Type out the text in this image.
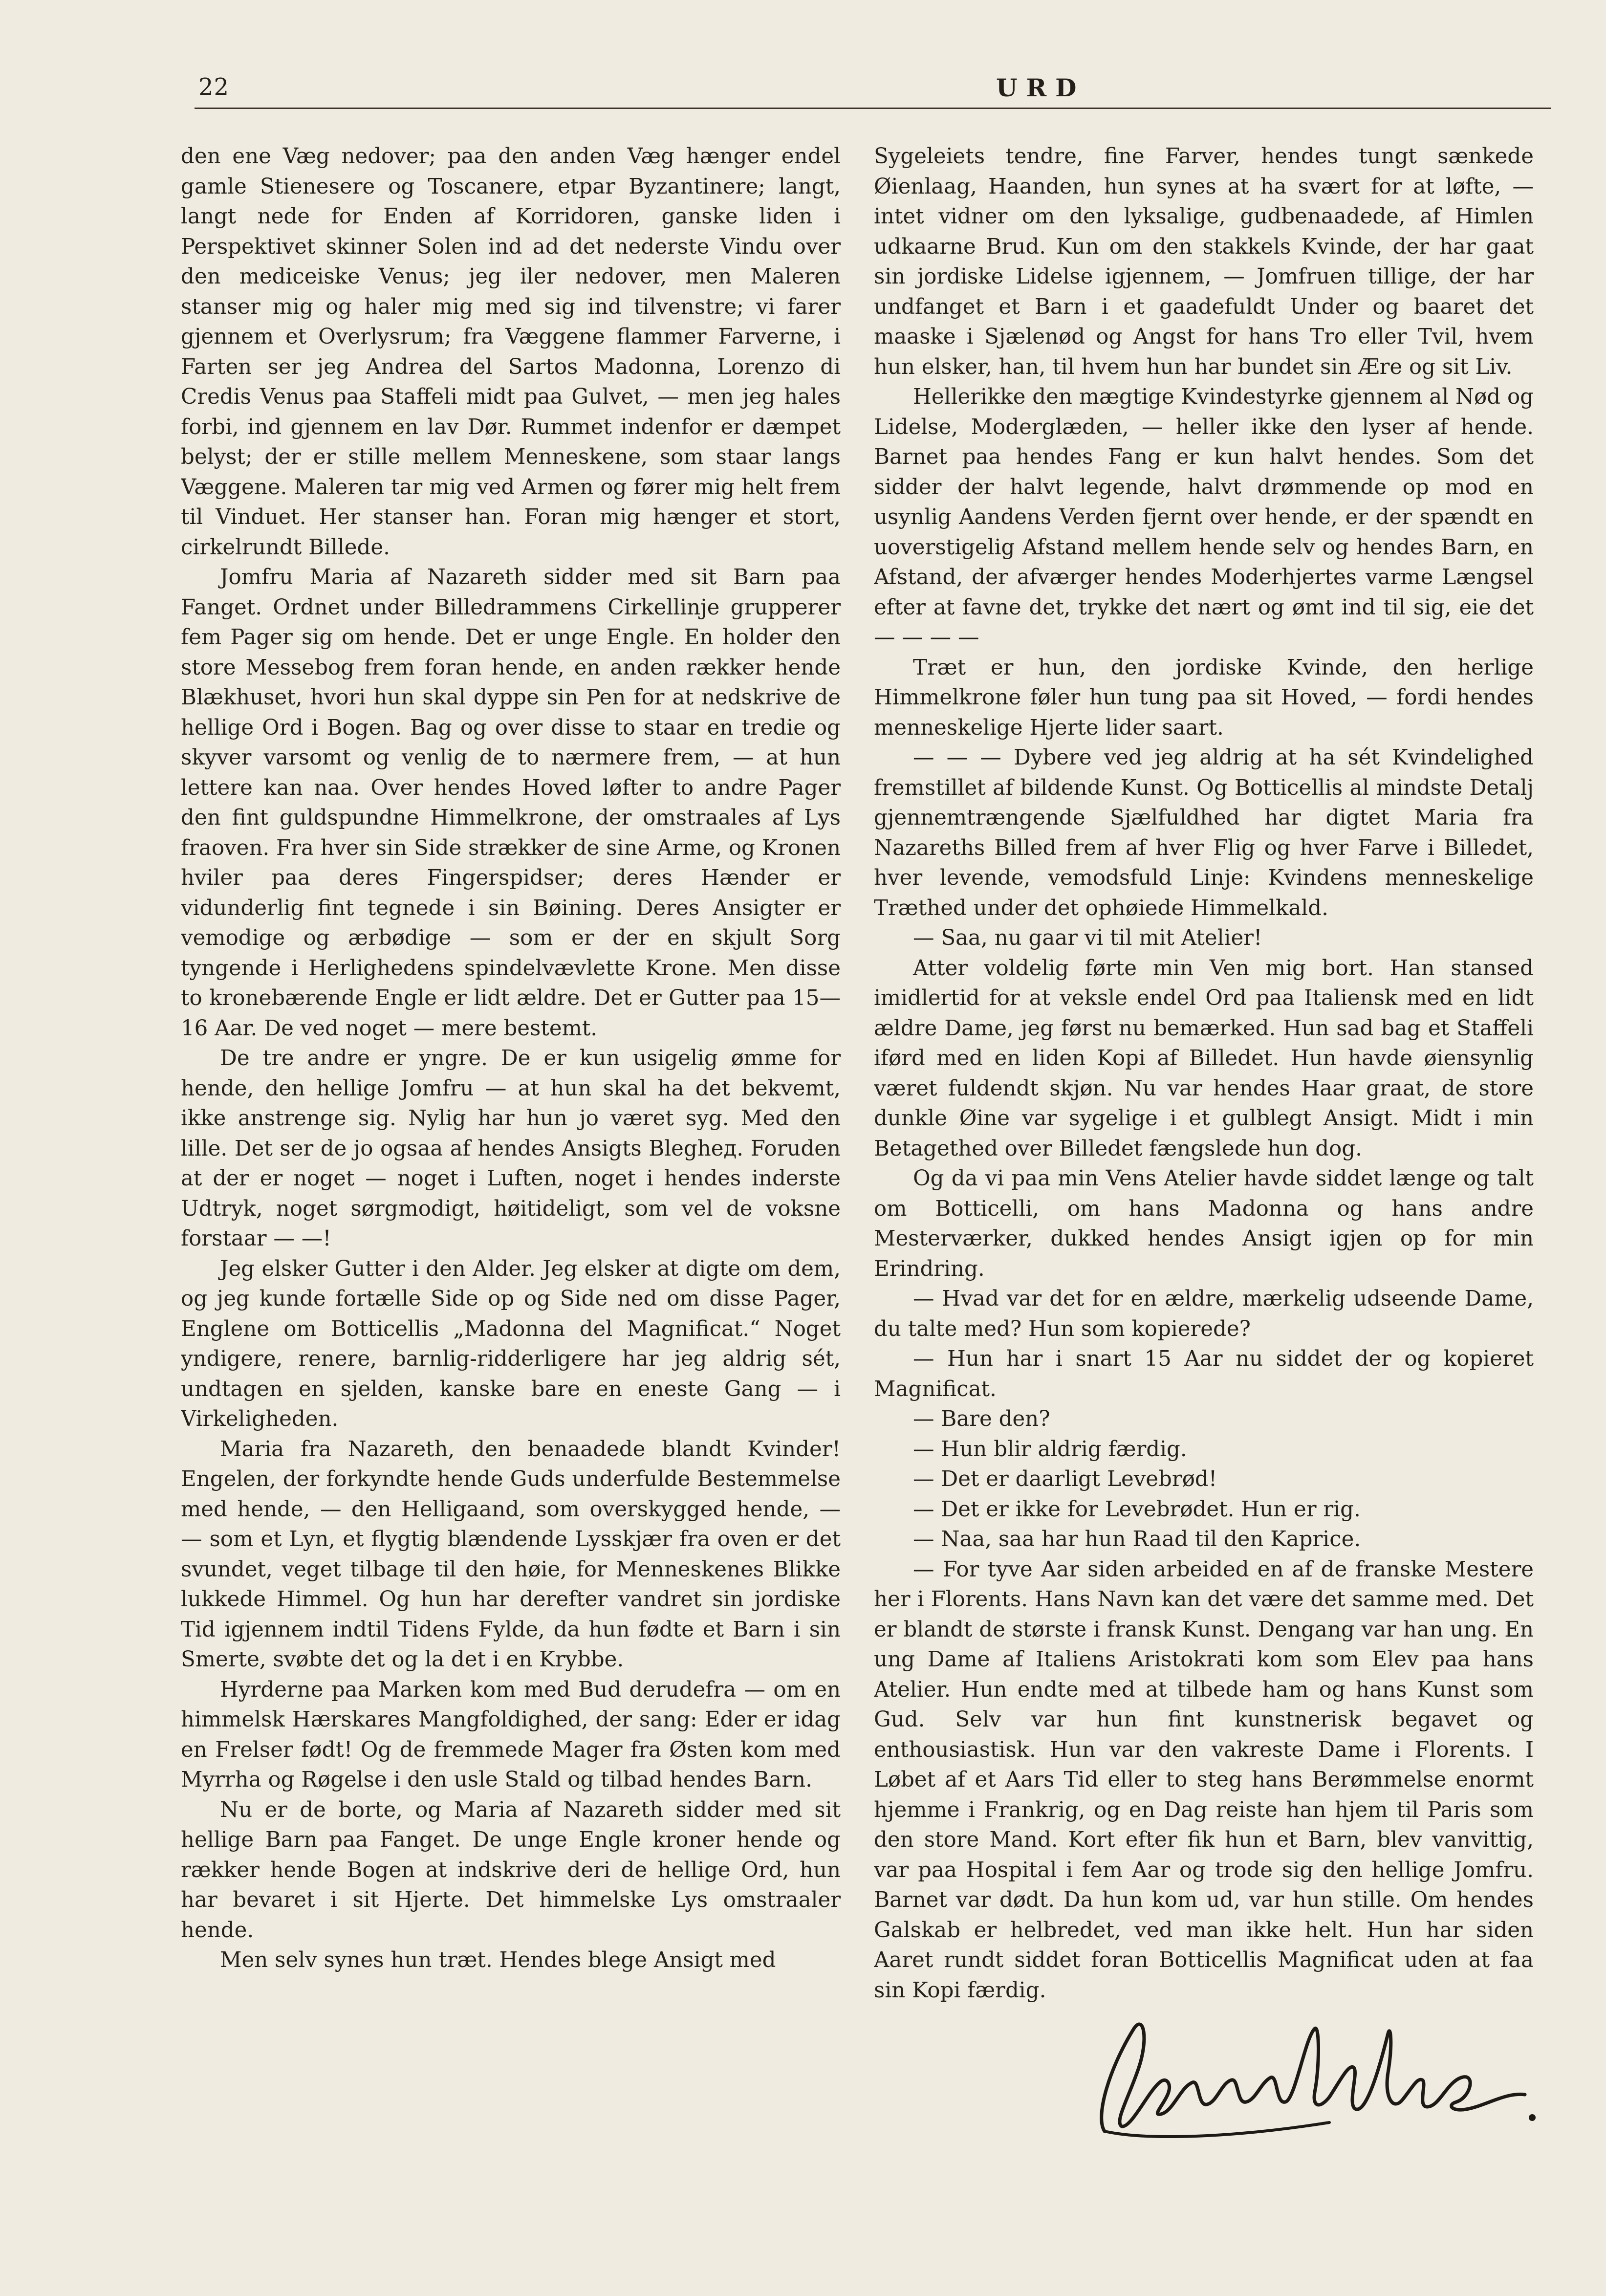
22	URD

den ene Væg nedover; paa den anden Væg hænger endel gamle Stienesere og Toscanere, etpar Byzantinere; langt, langt nede for Enden af Korridoren, ganske liden i Perspektivet skinner Solen ind ad det nederste Vindu over den mediceiske Venus; jeg iler nedover, men Maleren stanser mig og haler mig med sig ind tilvenstre; vi farer gjennem et Overlysrum; fra Væggene flammer Farverne, i Farten ser jeg Andrea del Sartos Madonna, Lorenzo di Credis Venus paa Staffeli midt paa Gulvet, — men jeg hales forbi, ind gjennem en lav Dør. Rummet indenfor er dæmpet belyst; der er stille mellem Menneskene, som staar langs Væggene. Maleren tar mig ved Armen og fører mig helt frem til Vinduet. Her stanser han. Foran mig hænger et stort, cirkelrundt Billede.

Jomfru Maria af Nazareth sidder med sit Barn paa Fanget. Ordnet under Billedrammens Cirkellinje grupperer fem Pager sig om hende. Det er unge Engle. En holder den store Messebog frem foran hende, en anden rækker hende Blækhuset, hvori hun skal dyppe sin Pen for at nedskrive de hellige Ord i Bogen. Bag og over disse to staar en tredie og skyver varsomt og venlig de to nærmere frem, — at hun lettere kan naa. Over hendes Hoved løfter to andre Pager den fint guldspundne Himmelkrone, der omstraales af Lys fraoven. Fra hver sin Side strækker de sine Arme, og Kronen hviler paa deres Fingerspidser; deres Hænder er vidunderlig fint tegnede i sin Bøining. Deres Ansigter er vemodige og ærbødige — som er der en skjult Sorg tyngende i Herlighedens spindelvævlette Krone. Men disse to kronebærende Engle er lidt ældre. Det er Gutter paa 15—16 Aar. De ved noget — mere bestemt.

De tre andre er yngre. De er kun usigelig ømme for hende, den hellige Jomfru — at hun skal ha det bekvemt, ikke anstrenge sig. Nylig har hun jo været syg. Med den lille. Det ser de jo ogsaa af hendes Ansigts Blegheд. Foruden at der er noget — noget i Luften, noget i hendes inderste Udtryk, noget sørgmodigt, høitideligt, som vel de voksne forstaar — —!

Jeg elsker Gutter i den Alder. Jeg elsker at digte om dem, og jeg kunde fortælle Side op og Side ned om disse Pager, Englene om Botticellis „Madonna del Magnificat.“ Noget yndigere, renere, barnlig-ridderligere har jeg aldrig sét, undtagen en sjelden, kanske bare en eneste Gang — i Virkeligheden.

Maria fra Nazareth, den benaadede blandt Kvinder! Engelen, der forkyndte hende Guds underfulde Bestemmelse med hende, — den Helligaand, som overskygged hende, — — som et Lyn, et flygtig blændende Lysskjær fra oven er det svundet, veget tilbage til den høie, for Menneskenes Blikke lukkede Himmel. Og hun har derefter vandret sin jordiske Tid igjennem indtil Tidens Fylde, da hun fødte et Barn i sin Smerte, svøbte det og la det i en Krybbe.

Hyrderne paa Marken kom med Bud derudefra — om en himmelsk Hærskares Mangfoldighed, der sang: Eder er idag en Frelser født! Og de fremmede Mager fra Østen kom med Myrrha og Røgelse i den usle Stald og tilbad hendes Barn.

Nu er de borte, og Maria af Nazareth sidder med sit hellige Barn paa Fanget. De unge Engle kroner hende og rækker hende Bogen at indskrive deri de hellige Ord, hun har bevaret i sit Hjerte. Det himmelske Lys omstraaler hende.

Men selv synes hun træt. Hendes blege Ansigt med

Sygeleiets tendre, fine Farver, hendes tungt sænkede Øienlaag, Haanden, hun synes at ha svært for at løfte, — intet vidner om den lyksalige, gudbenaadede, af Himlen udkaarne Brud. Kun om den stakkels Kvinde, der har gaat sin jordiske Lidelse igjennem, — Jomfruen tillige, der har undfanget et Barn i et gaadefuldt Under og baaret det maaske i Sjælenød og Angst for hans Tro eller Tvil, hvem hun elsker, han, til hvem hun har bundet sin Ære og sit Liv.

Hellerikke den mægtige Kvindestyrke gjennem al Nød og Lidelse, Moderglæden, — heller ikke den lyser af hende. Barnet paa hendes Fang er kun halvt hendes. Som det sidder der halvt legende, halvt drømmende op mod en usynlig Aandens Verden fjernt over hende, er der spændt en uoverstigelig Afstand mellem hende selv og hendes Barn, en Afstand, der afværger hendes Moderhjertes varme Længsel efter at favne det, trykke det nært og ømt ind til sig, eie det — — — —

Træt er hun, den jordiske Kvinde, den herlige Himmelkrone føler hun tung paa sit Hoved, — fordi hendes menneskelige Hjerte lider saart.

— — — Dybere ved jeg aldrig at ha sét Kvindelighed fremstillet af bildende Kunst. Og Botticellis al mindste Detalj gjennemtrængende Sjælfuldhed har digtet Maria fra Nazareths Billed frem af hver Flig og hver Farve i Billedet, hver levende, vemodsfuld Linje: Kvindens menneskelige Træthed under det ophøiede Himmelkald.

— Saa, nu gaar vi til mit Atelier!

Atter voldelig førte min Ven mig bort. Han stansed imidlertid for at veksle endel Ord paa Italiensk med en lidt ældre Dame, jeg først nu bemærked. Hun sad bag et Staffeli iførd med en liden Kopi af Billedet. Hun havde øiensynlig været fuldendt skjøn. Nu var hendes Haar graat, de store dunkle Øine var sygelige i et gulblegt Ansigt. Midt i min Betagethed over Billedet fængslede hun dog.

Og da vi paa min Vens Atelier havde siddet længe og talt om Botticelli, om hans Madonna og hans andre Mesterværker, dukked hendes Ansigt igjen op for min Erindring.

— Hvad var det for en ældre, mærkelig udseende Dame, du talte med? Hun som kopierede?

— Hun har i snart 15 Aar nu siddet der og kopieret Magnificat.

— Bare den?

— Hun blir aldrig færdig.

— Det er daarligt Levebrød!

— Det er ikke for Levebrødet. Hun er rig.

— Naa, saa har hun Raad til den Kaprice.

— For tyve Aar siden arbeided en af de franske Mestere her i Florents. Hans Navn kan det være det samme med. Det er blandt de største i fransk Kunst. Dengang var han ung. En ung Dame af Italiens Aristokrati kom som Elev paa hans Atelier. Hun endte med at tilbede ham og hans Kunst som Gud. Selv var hun fint kunstnerisk begavet og enthousiastisk. Hun var den vakreste Dame i Florents. I Løbet af et Aars Tid eller to steg hans Berømmelse enormt hjemme i Frankrig, og en Dag reiste han hjem til Paris som den store Mand. Kort efter fik hun et Barn, blev vanvittig, var paa Hospital i fem Aar og trode sig den hellige Jomfru. Barnet var dødt. Da hun kom ud, var hun stille. Om hendes Galskab er helbredet, ved man ikke helt. Hun har siden Aaret rundt siddet foran Botticellis Magnificat uden at faa sin Kopi færdig.
